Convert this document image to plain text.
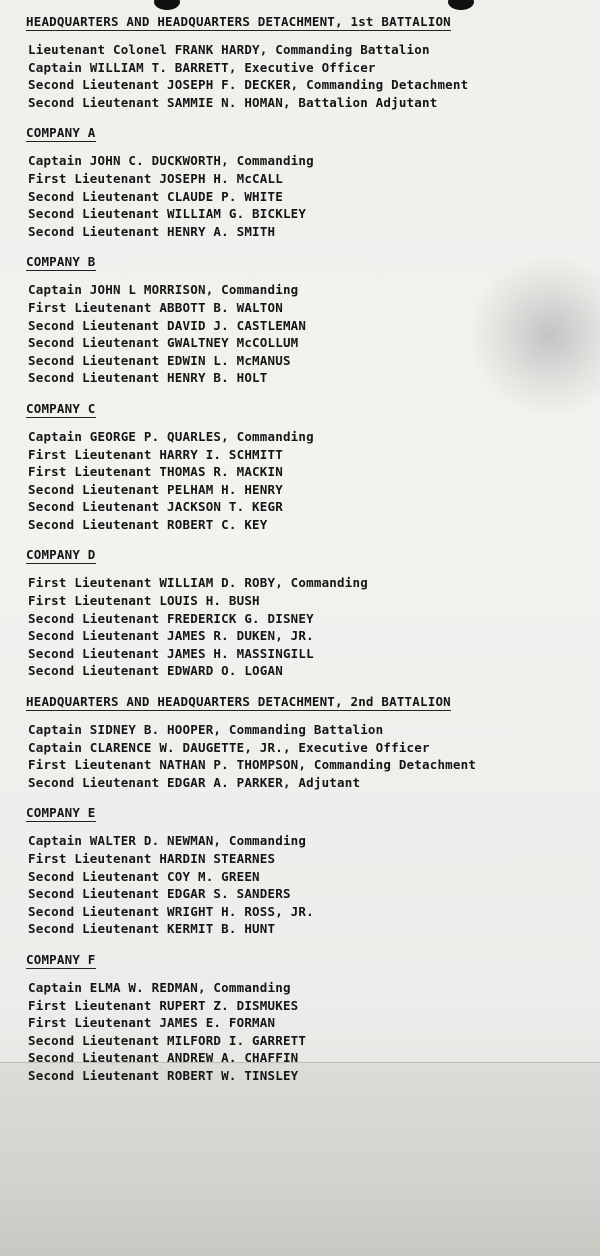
HEADQUARTERS AND HEADQUARTERS DETACHMENT, 1st BATTALION
Lieutenant Colonel FRANK HARDY, Commanding Battalion
Captain WILLIAM T. BARRETT, Executive Officer
Second Lieutenant JOSEPH F. DECKER, Commanding Detachment
Second Lieutenant SAMMIE N. HOMAN, Battalion Adjutant
COMPANY A
Captain JOHN C. DUCKWORTH, Commanding
First Lieutenant JOSEPH H. McCALL
Second Lieutenant CLAUDE P. WHITE
Second Lieutenant WILLIAM G. BICKLEY
Second Lieutenant HENRY A. SMITH
COMPANY B
Captain JOHN L MORRISON, Commanding
First Lieutenant ABBOTT B. WALTON
Second Lieutenant DAVID J. CASTLEMAN
Second Lieutenant GWALTNEY McCOLLUM
Second Lieutenant EDWIN L. McMANUS
Second Lieutenant HENRY B. HOLT
COMPANY C
Captain GEORGE P. QUARLES, Commanding
First Lieutenant HARRY I. SCHMITT
First Lieutenant THOMAS R. MACKIN
Second Lieutenant PELHAM H. HENRY
Second Lieutenant JACKSON T. KEGR
Second Lieutenant ROBERT C. KEY
COMPANY D
First Lieutenant WILLIAM D. ROBY, Commanding
First Lieutenant LOUIS H. BUSH
Second Lieutenant FREDERICK G. DISNEY
Second Lieutenant JAMES R. DUKEN, JR.
Second Lieutenant JAMES H. MASSINGILL
Second Lieutenant EDWARD O. LOGAN
HEADQUARTERS AND HEADQUARTERS DETACHMENT, 2nd BATTALION
Captain SIDNEY B. HOOPER, Commanding Battalion
Captain CLARENCE W. DAUGETTE, JR., Executive Officer
First Lieutenant NATHAN P. THOMPSON, Commanding Detachment
Second Lieutenant EDGAR A. PARKER, Adjutant
COMPANY E
Captain WALTER D. NEWMAN, Commanding
First Lieutenant HARDIN STEARNES
Second Lieutenant COY M. GREEN
Second Lieutenant EDGAR S. SANDERS
Second Lieutenant WRIGHT H. ROSS, JR.
Second Lieutenant KERMIT B. HUNT
COMPANY F
Captain ELMA W. REDMAN, Commanding
First Lieutenant RUPERT Z. DISMUKES
First Lieutenant JAMES E. FORMAN
Second Lieutenant MILFORD I. GARRETT
Second Lieutenant ANDREW A. CHAFFIN
Second Lieutenant ROBERT W. TINSLEY
